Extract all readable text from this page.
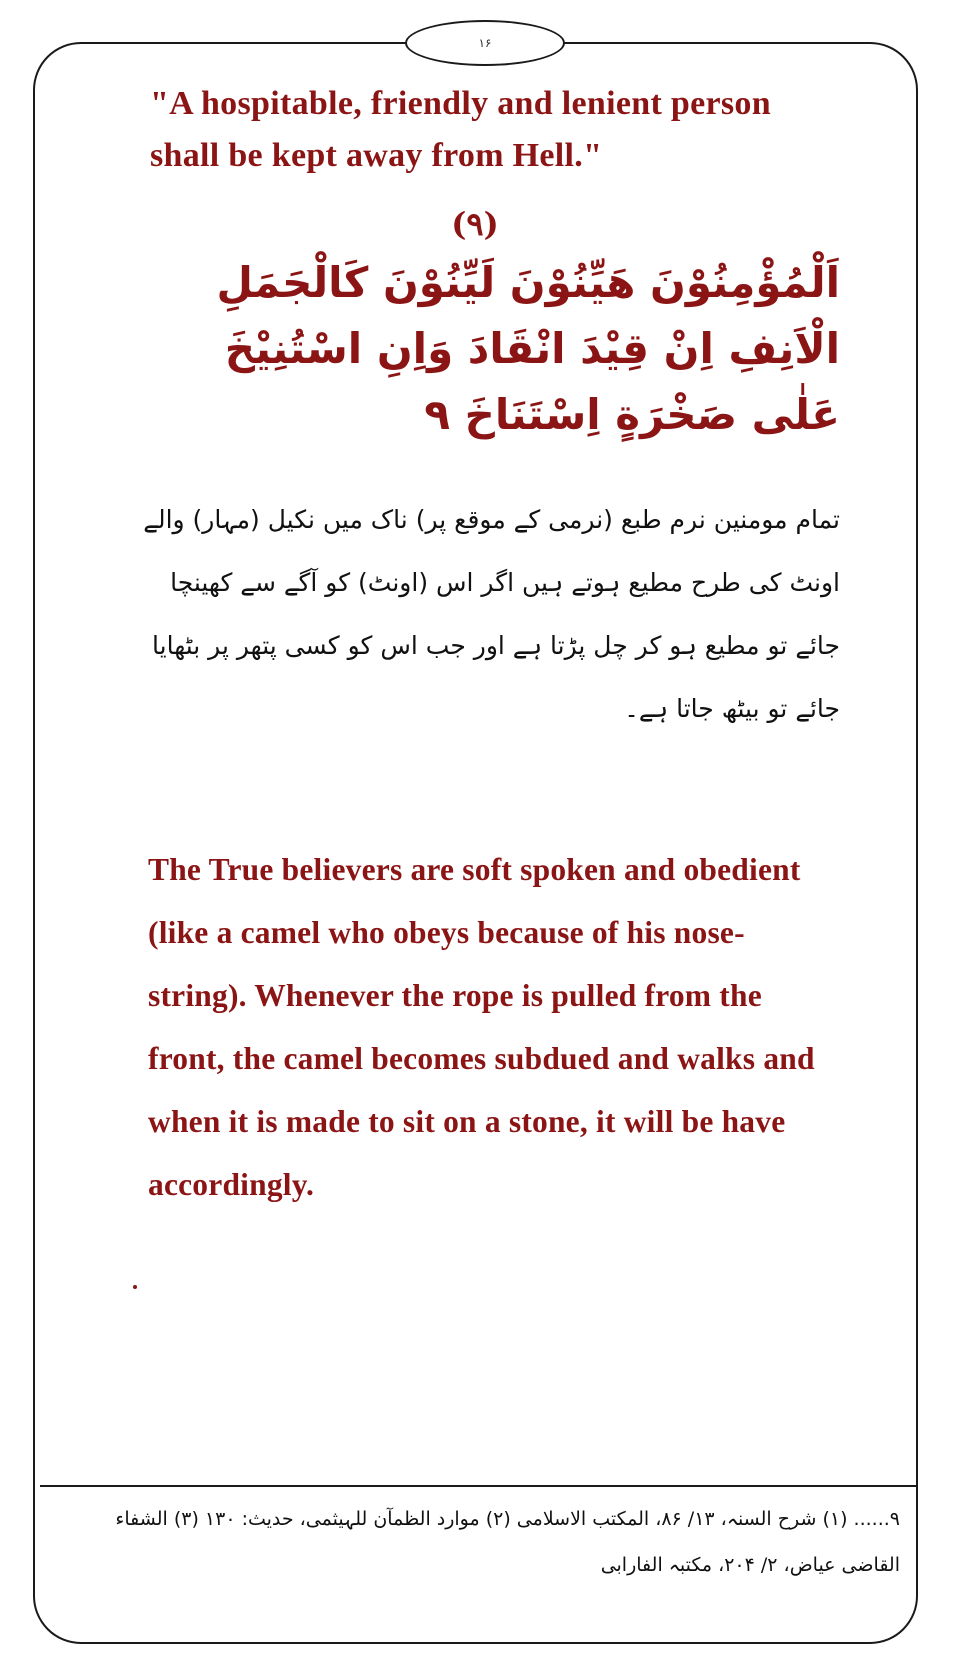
۱۶
"A hospitable, friendly and lenient person shall be kept away from Hell."
(۹)
اَلْمُؤْمِنُوْنَ هَيِّنُوْنَ لَيِّنُوْنَ كَالْجَمَلِ الْاَنِفِ اِنْ قِيْدَ انْقَادَ وَاِنِ اسْتُنِيْخَ عَلٰى صَخْرَةٍ اِسْتَنَاخَ ۹
تمام مومنین نرم طبع (نرمی کے موقع پر) ناک میں نکیل (مہار) والے اونٹ کی طرح مطیع ہوتے ہیں اگر اس (اونٹ) کو آگے سے کھینچا جائے تو مطیع ہو کر چل پڑتا ہے اور جب اس کو کسی پتھر پر بٹھایا جائے تو بیٹھ جاتا ہے۔
The True believers are soft spoken and obedient (like a camel who obeys because of his nose-string). Whenever the rope is pulled from the front, the camel becomes subdued and walks and when it is made to sit on a stone, it will be have accordingly.
۹...... (۱) شرح السنہ، ۱۳/ ۸۶، المکتب الاسلامی (۲) موارد الظمآن للہیثمی، حدیث: ۱۳۰ (۳) الشفاء القاضی عیاض، ۲/ ۲۰۴، مکتبہ الفارابی
